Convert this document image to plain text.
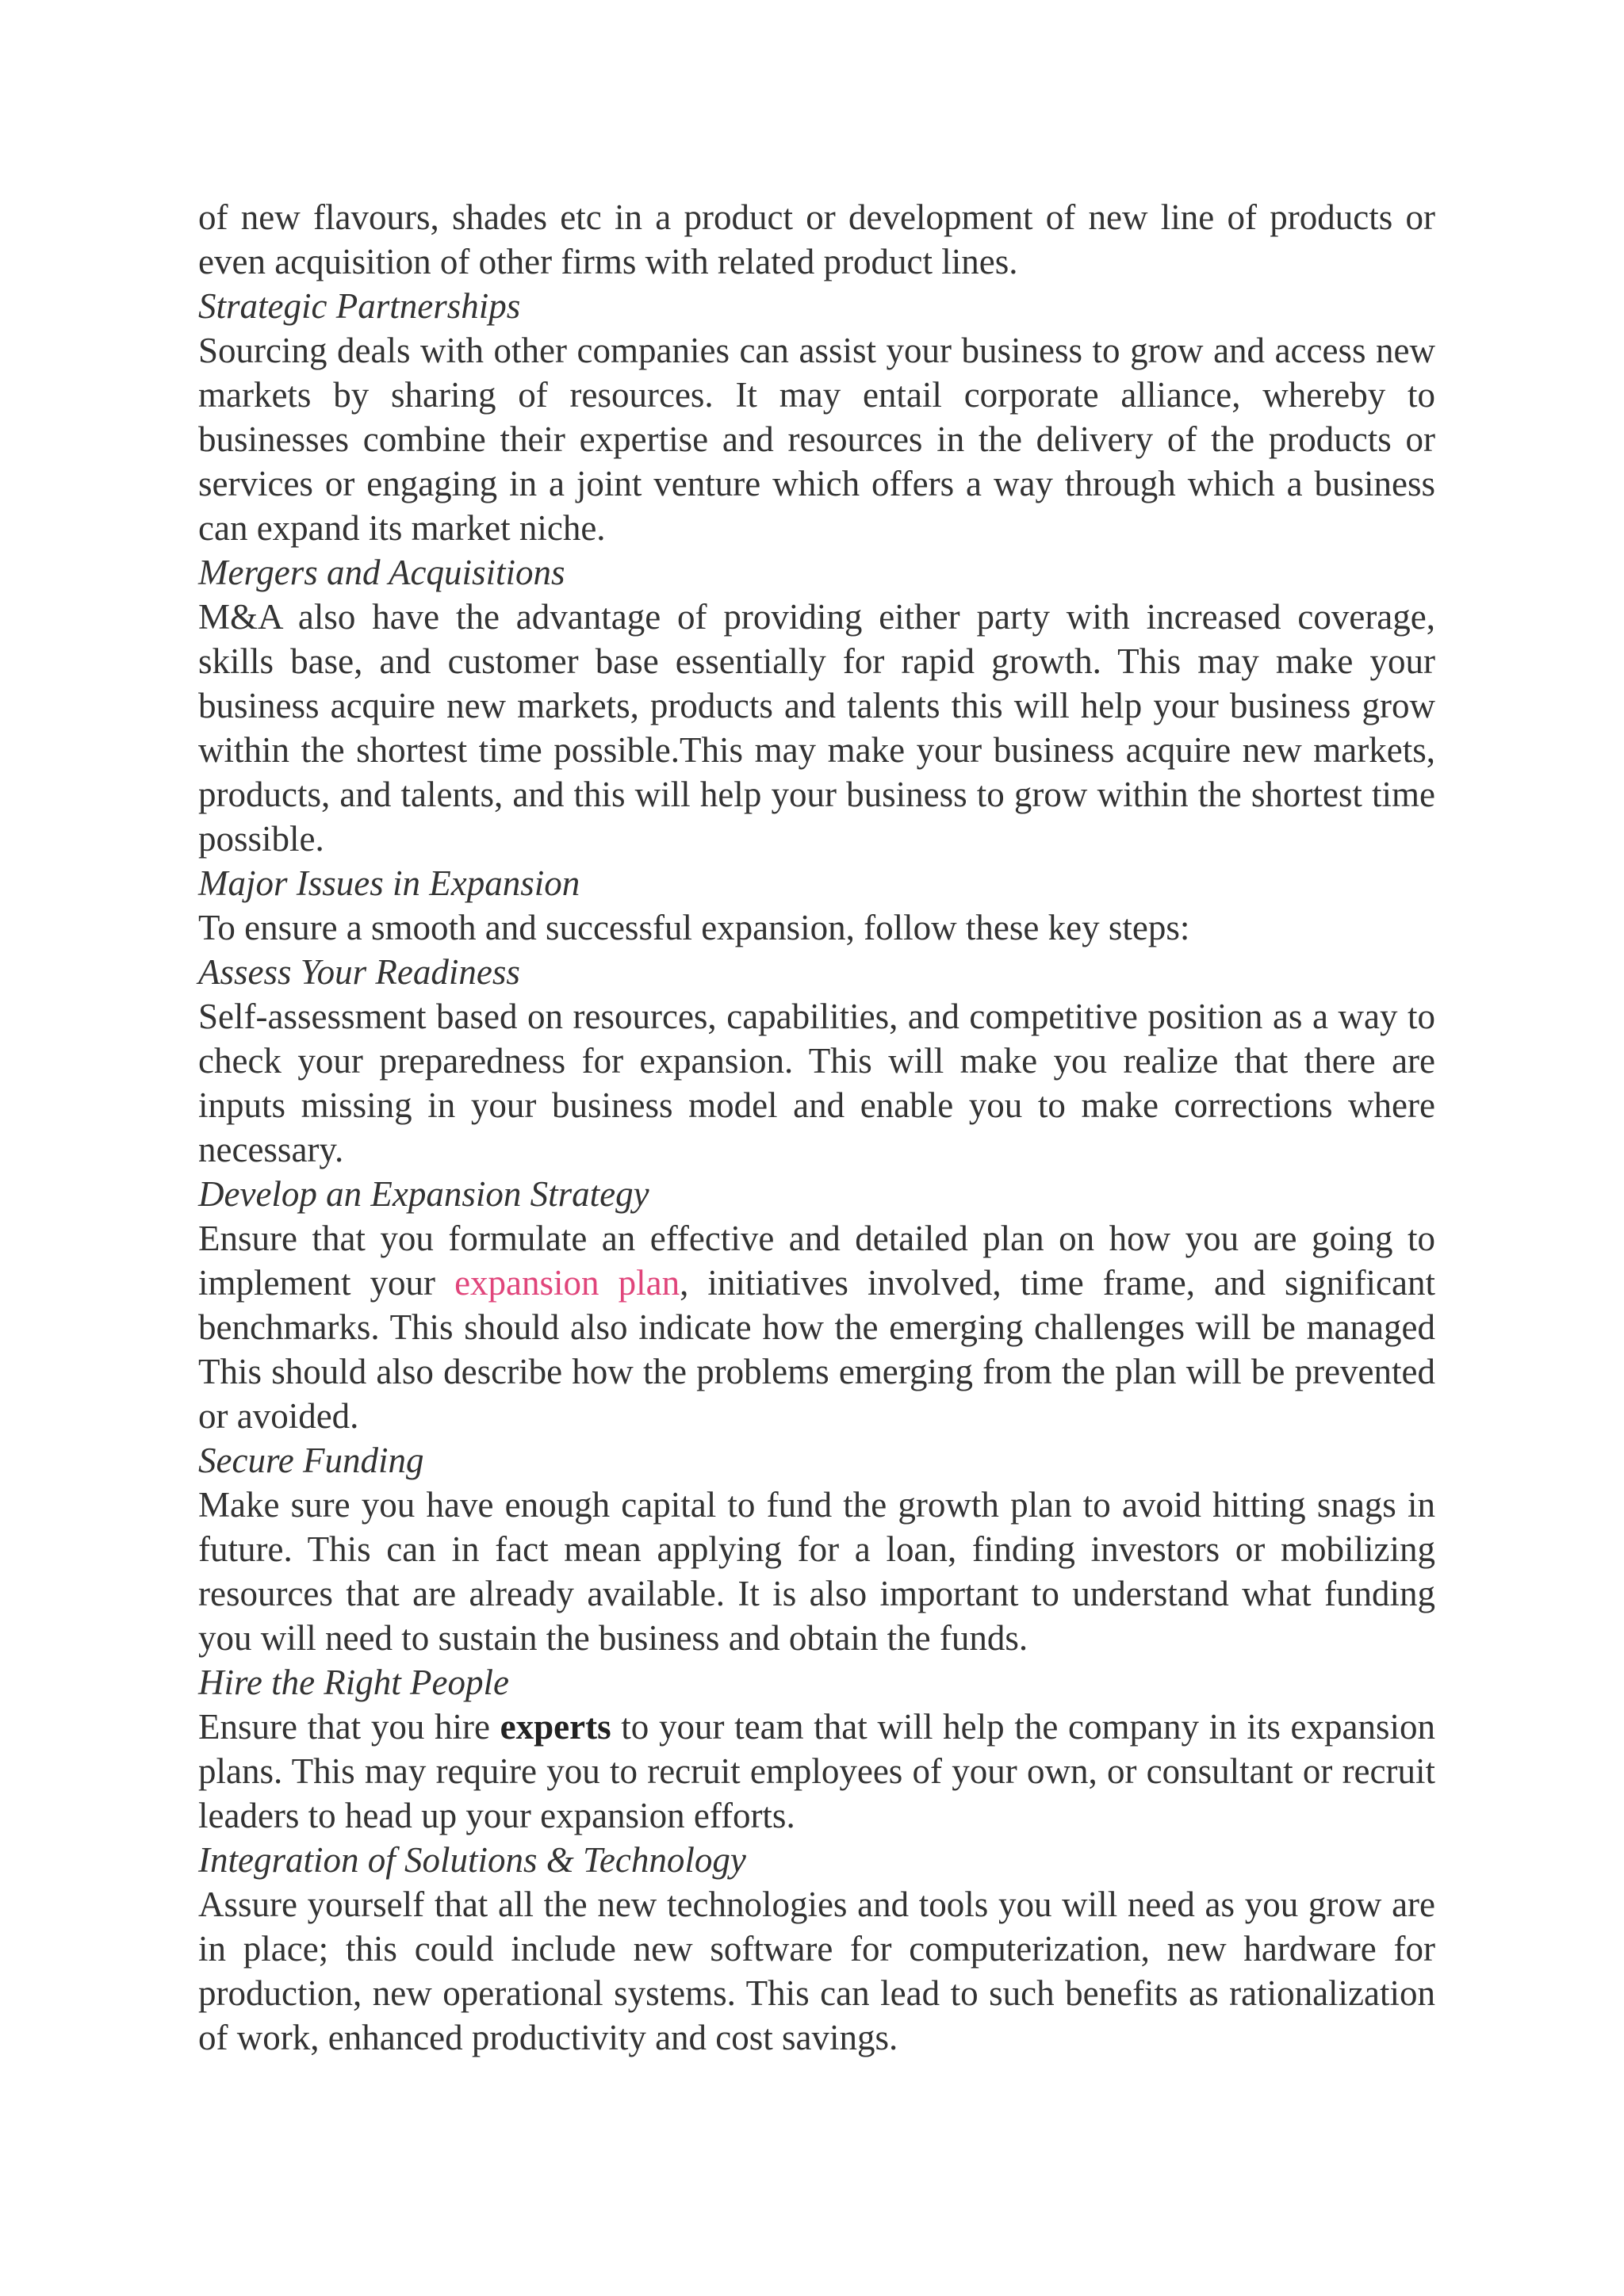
of new flavours, shades etc in a product or development of new line of products or even acquisition of other firms with related product lines.

Strategic Partnerships

Sourcing deals with other companies can assist your business to grow and access new markets by sharing of resources. It may entail corporate alliance, whereby to businesses combine their expertise and resources in the delivery of the products or services or engaging in a joint venture which offers a way through which a business can expand its market niche.

Mergers and Acquisitions

M&A also have the advantage of providing either party with increased coverage, skills base, and customer base essentially for rapid growth. This may make your business acquire new markets, products and talents this will help your business grow within the shortest time possible.This may make your business acquire new markets, products, and talents, and this will help your business to grow within the shortest time possible.

Major Issues in Expansion

To ensure a smooth and successful expansion, follow these key steps:

Assess Your Readiness

Self-assessment based on resources, capabilities, and competitive position as a way to check your preparedness for expansion. This will make you realize that there are inputs missing in your business model and enable you to make corrections where necessary.

Develop an Expansion Strategy

Ensure that you formulate an effective and detailed plan on how you are going to implement your expansion plan, initiatives involved, time frame, and significant benchmarks. This should also indicate how the emerging challenges will be managed This should also describe how the problems emerging from the plan will be prevented or avoided.

Secure Funding

Make sure you have enough capital to fund the growth plan to avoid hitting snags in future. This can in fact mean applying for a loan, finding investors or mobilizing resources that are already available. It is also important to understand what funding you will need to sustain the business and obtain the funds.

Hire the Right People

Ensure that you hire experts to your team that will help the company in its expansion plans. This may require you to recruit employees of your own, or consultant or recruit leaders to head up your expansion efforts.

Integration of Solutions & Technology

Assure yourself that all the new technologies and tools you will need as you grow are in place; this could include new software for computerization, new hardware for production, new operational systems. This can lead to such benefits as rationalization of work, enhanced productivity and cost savings.
